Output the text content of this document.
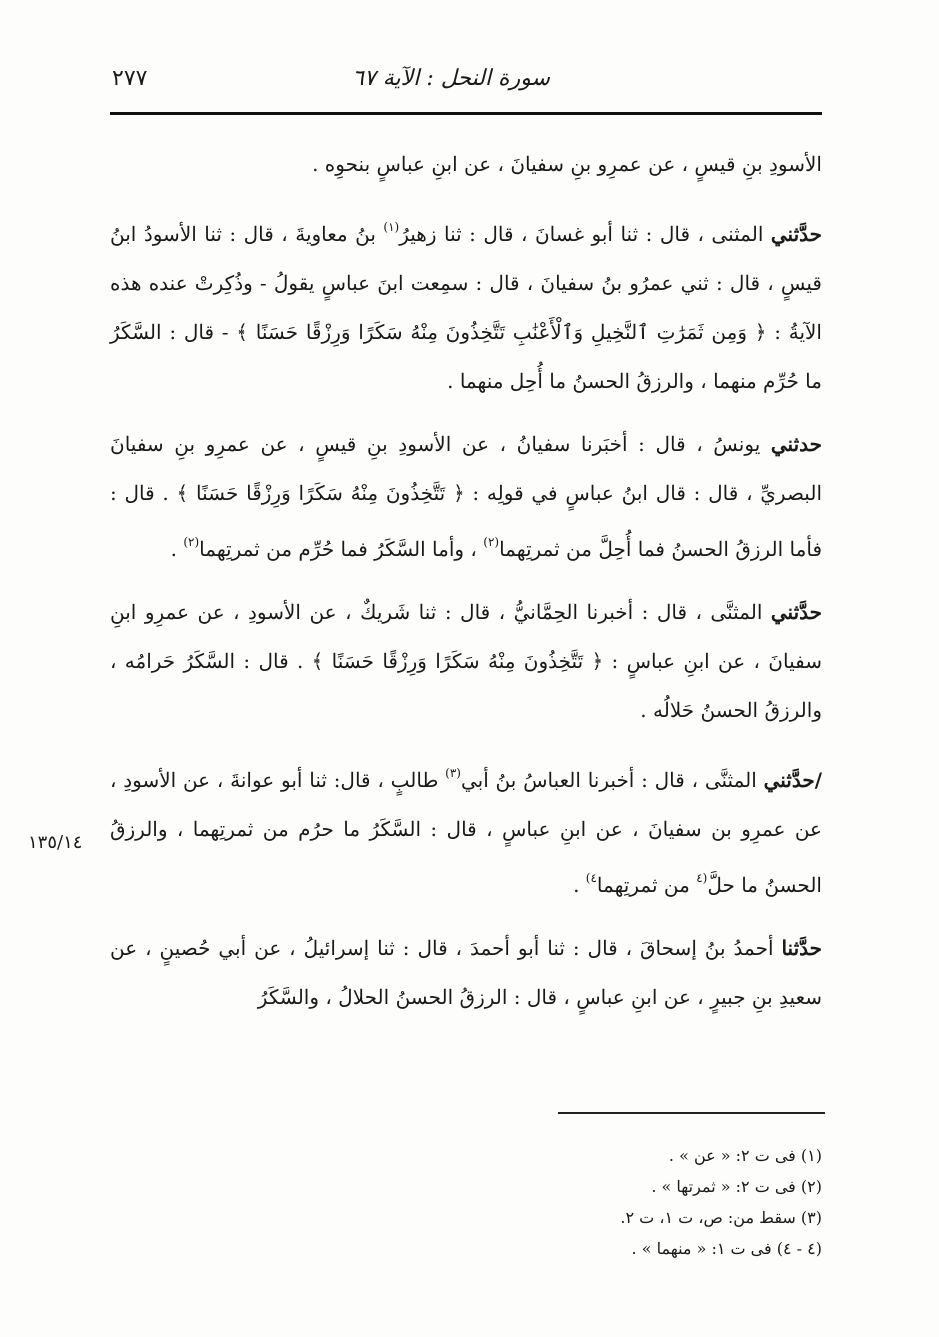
سورة النحل : الآية ٦٧
٢٧٧
١٣٥/١٤

الأسودِ بنِ قيسٍ ، عن عمرِو بنِ سفيانَ ، عن ابنِ عباسٍ بنحوِه .

حدَّثني المثنى ، قال : ثنا أبو غسانَ ، قال : ثنا زهيرُ$^{(١)}$ بنُ معاويةَ ، قال : ثنا الأسودُ ابنُ قيسٍ ، قال : ثني عمرُو بنُ سفيانَ ، قال : سمِعت ابنَ عباسٍ يقولُ - وذُكِرتْ عنده هذه الآيةُ : ﴿ وَمِن ثَمَرَٰتِ ٱلنَّخِيلِ وَٱلْأَعْنَٰبِ تَتَّخِذُونَ مِنْهُ سَكَرًا وَرِزْقًا حَسَنًا ﴾ - قال : السَّكَرُ ما حُرِّم منهما ، والرزقُ الحسنُ ما أُحِل منهما .

حدثني يونسُ ، قال : أخبَرنا سفيانُ ، عن الأسودِ بنِ قيسٍ ، عن عمرِو بنِ سفيانَ البصريِّ ، قال : قال ابنُ عباسٍ في قولِه : ﴿ تَتَّخِذُونَ مِنْهُ سَكَرًا وَرِزْقًا حَسَنًا ﴾ . قال : فأما الرزقُ الحسنُ فما أُحِلَّ من ثمرتِهما$^{(٢)}$ ، وأما السَّكَرُ فما حُرِّم من ثمرتِهما$^{(٢)}$ .

حدَّثني المثنَّى ، قال : أخبرنا الحِمَّانيُّ ، قال : ثنا شَريكٌ ، عن الأسودِ ، عن عمرِو ابنِ سفيانَ ، عن ابنِ عباسٍ : ﴿ تَتَّخِذُونَ مِنْهُ سَكَرًا وَرِزْقًا حَسَنًا ﴾ . قال : السَّكَرُ حَرامُه ، والرزقُ الحسنُ حَلالُه .

/حدَّثني المثنَّى ، قال : أخبرنا العباسُ بنُ أبي$^{(٣)}$ طالبٍ ، قال: ثنا أبو عوانةَ ، عن الأسودِ ، عن عمرِو بن سفيانَ ، عن ابنِ عباسٍ ، قال : السَّكَرُ ما حرُم من ثمرتِهما ، والرزقُ الحسنُ ما حلَّ$^{(٤}$ من ثمرتِهما$^{٤)}$ .

حدَّثنا أحمدُ بنُ إسحاقَ ، قال : ثنا أبو أحمدَ ، قال : ثنا إسرائيلُ ، عن أبي حُصينٍ ، عن سعيدِ بنِ جبيرٍ ، عن ابنِ عباسٍ ، قال : الرزقُ الحسنُ الحلالُ ، والسَّكَرُ

(١) فى ت ٢: « عن » .
(٢) فى ت ٢: « ثمرتها » .
(٣) سقط من: ص، ت ١، ت ٢.
(٤ - ٤) فى ت ١: « منهما » .
